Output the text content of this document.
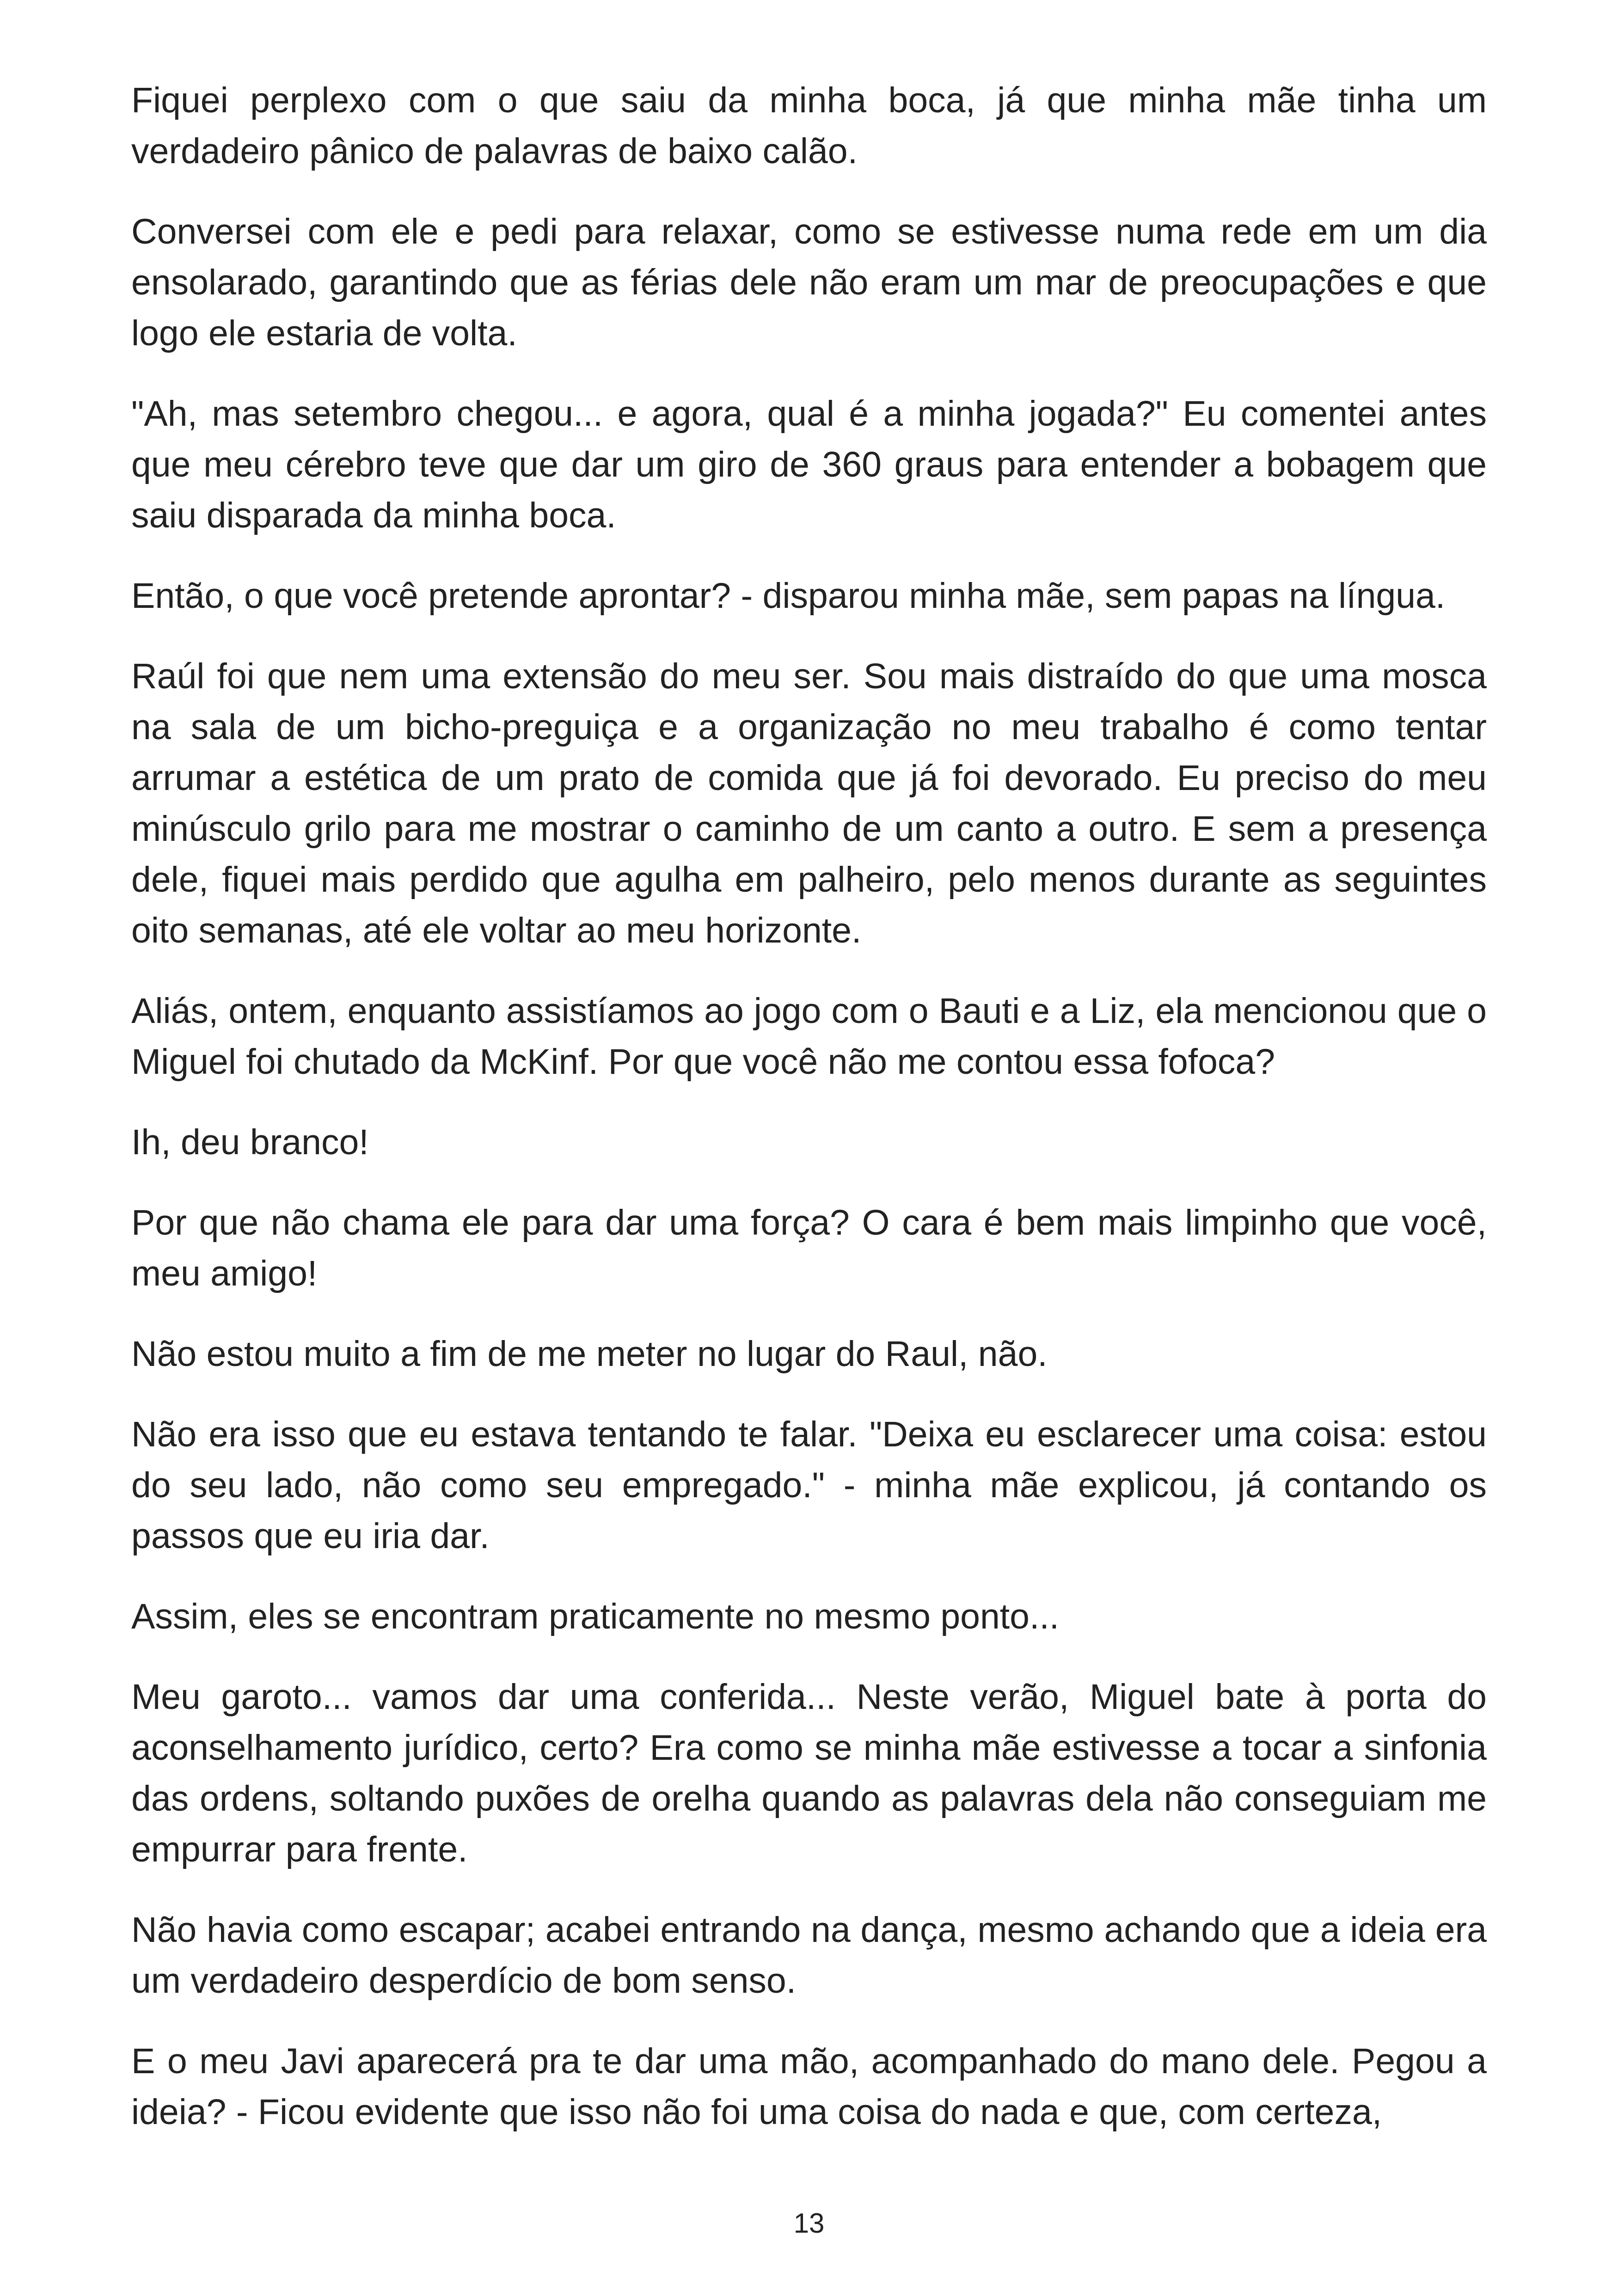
Fiquei perplexo com o que saiu da minha boca, já que minha mãe tinha um verdadeiro pânico de palavras de baixo calão.

Conversei com ele e pedi para relaxar, como se estivesse numa rede em um dia ensolarado, garantindo que as férias dele não eram um mar de preocupações e que logo ele estaria de volta.

"Ah, mas setembro chegou... e agora, qual é a minha jogada?" Eu comentei antes que meu cérebro teve que dar um giro de 360 graus para entender a bobagem que saiu disparada da minha boca.

Então, o que você pretende aprontar? - disparou minha mãe, sem papas na língua.

Raúl foi que nem uma extensão do meu ser. Sou mais distraído do que uma mosca na sala de um bicho-preguiça e a organização no meu trabalho é como tentar arrumar a estética de um prato de comida que já foi devorado. Eu preciso do meu minúsculo grilo para me mostrar o caminho de um canto a outro. E sem a presença dele, fiquei mais perdido que agulha em palheiro, pelo menos durante as seguintes oito semanas, até ele voltar ao meu horizonte.

Aliás, ontem, enquanto assistíamos ao jogo com o Bauti e a Liz, ela mencionou que o Miguel foi chutado da McKinf. Por que você não me contou essa fofoca?

Ih, deu branco!

Por que não chama ele para dar uma força? O cara é bem mais limpinho que você, meu amigo!

Não estou muito a fim de me meter no lugar do Raul, não.

Não era isso que eu estava tentando te falar. "Deixa eu esclarecer uma coisa: estou do seu lado, não como seu empregado." - minha mãe explicou, já contando os passos que eu iria dar.

Assim, eles se encontram praticamente no mesmo ponto...

Meu garoto... vamos dar uma conferida... Neste verão, Miguel bate à porta do aconselhamento jurídico, certo? Era como se minha mãe estivesse a tocar a sinfonia das ordens, soltando puxões de orelha quando as palavras dela não conseguiam me empurrar para frente.

Não havia como escapar; acabei entrando na dança, mesmo achando que a ideia era um verdadeiro desperdício de bom senso.

E o meu Javi aparecerá pra te dar uma mão, acompanhado do mano dele. Pegou a ideia? - Ficou evidente que isso não foi uma coisa do nada e que, com certeza,

13
